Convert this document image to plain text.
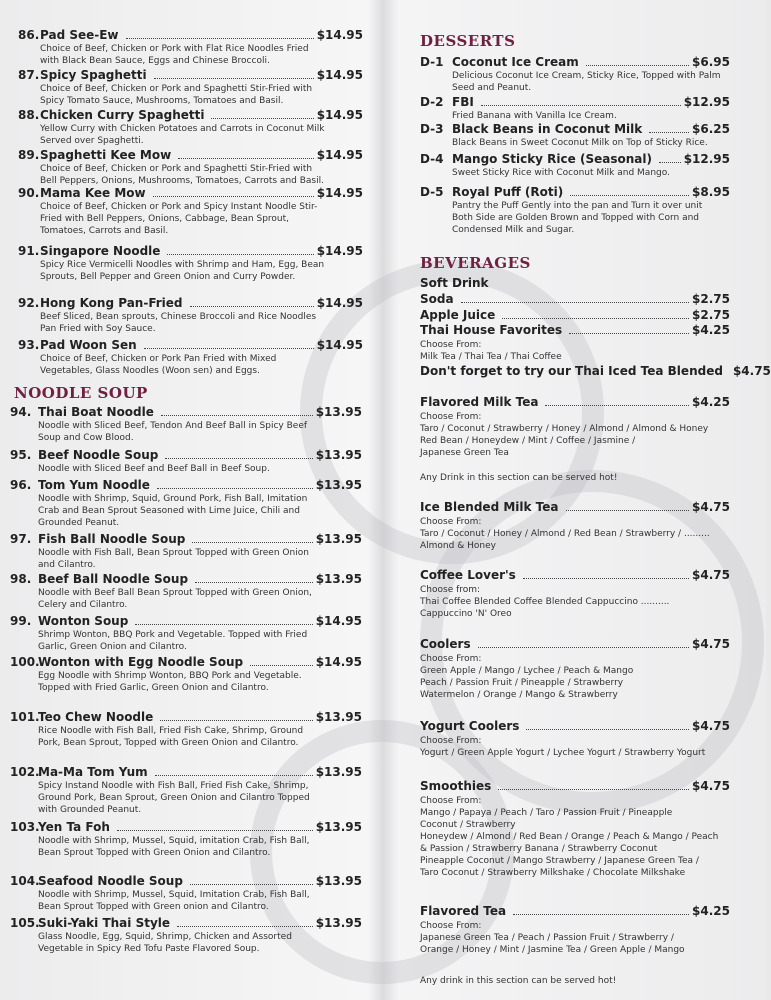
86. Pad See-Ew	$14.95
Choice of Beef, Chicken or Pork with Flat Rice Noodles Fried with Black Bean Sauce, Eggs and Chinese Broccoli.
87. Spicy Spaghetti	$14.95
Choice of Beef, Chicken or Pork and Spaghetti Stir-Fried with Spicy Tomato Sauce, Mushrooms, Tomatoes and Basil.
88. Chicken Curry Spaghetti	$14.95
Yellow Curry with Chicken Potatoes and Carrots in Coconut Milk Served over Spaghetti.
89. Spaghetti Kee Mow	$14.95
Choice of Beef, Chicken or Pork and Spaghetti Stir-Fried with Bell Peppers, Onions, Mushrooms, Tomatoes, Carrots and Basil.
90. Mama Kee Mow	$14.95
Choice of Beef, Chicken or Pork and Spicy Instant Noodle Stir-Fried with Bell Peppers, Onions, Cabbage, Bean Sprout, Tomatoes, Carrots and Basil.
91. Singapore Noodle	$14.95
Spicy Rice Vermicelli Noodles with Shrimp and Ham, Egg, Bean Sprouts, Bell Pepper and Green Onion and Curry Powder.
92. Hong Kong Pan-Fried	$14.95
Beef Sliced, Bean sprouts, Chinese Broccoli and Rice Noodles Pan Fried with Soy Sauce.
93. Pad Woon Sen	$14.95
Choice of Beef, Chicken or Pork Pan Fried with Mixed Vegetables, Glass Noodles (Woon sen) and Eggs.
NOODLE SOUP
94. Thai Boat Noodle	$13.95
Noodle with Sliced Beef, Tendon And Beef Ball in Spicy Beef Soup and Cow Blood.
95. Beef Noodle Soup	$13.95
Noodle with Sliced Beef and Beef Ball in Beef Soup.
96. Tom Yum Noodle	$13.95
Noodle with Shrimp, Squid, Ground Pork, Fish Ball, Imitation Crab and Bean Sprout Seasoned with Lime Juice, Chili and Grounded Peanut.
97. Fish Ball Noodle Soup	$13.95
Noodle with Fish Ball, Bean Sprout Topped with Green Onion and Cilantro.
98. Beef Ball Noodle Soup	$13.95
Noodle with Beef Ball Bean Sprout Topped with Green Onion, Celery and Cilantro.
99. Wonton Soup	$14.95
Shrimp Wonton, BBQ Pork and Vegetable. Topped with Fried Garlic, Green Onion and Cilantro.
100.
Wonton with Egg Noodle Soup	$14.95
Egg Noodle with Shrimp Wonton, BBQ Pork and Vegetable. Topped with Fried Garlic, Green Onion and Cilantro.
101.
Teo Chew Noodle	$13.95
Rice Noodle with Fish Ball, Fried Fish Cake, Shrimp, Ground Pork, Bean Sprout, Topped with Green Onion and Cilantro.
102.
Ma-Ma Tom Yum	$13.95
Spicy Instand Noodle with Fish Ball, Fried Fish Cake, Shrimp, Ground Pork, Bean Sprout, Green Onion and Cilantro Topped with Grounded Peanut.
103.
Yen Ta Foh	$13.95
Noodle with Shrimp, Mussel, Squid, imitation Crab, Fish Ball, Bean Sprout Topped with Green Onion and Cilantro.
104.
Seafood Noodle Soup	$13.95
Noodle with Shrimp, Mussel, Squid, Imitation Crab, Fish Ball, Bean Sprout Topped with Green onion and Cilantro.
105.
Suki-Yaki Thai Style	$13.95
Glass Noodle, Egg, Squid, Shrimp, Chicken and Assorted Vegetable in Spicy Red Tofu Paste Flavored Soup.
DESSERTS
D-1 Coconut Ice Cream	$6.95
Delicious Coconut Ice Cream, Sticky Rice, Topped with Palm Seed and Peanut.
D-2 FBI	$12.95
Fried Banana with Vanilla Ice Cream.
D-3 Black Beans in Coconut Milk	$6.25
Black Beans in Sweet Coconut Milk on Top of Sticky Rice.
D-4 Mango Sticky Rice (Seasonal)	$12.95
Sweet Sticky Rice with Coconut Milk and Mango.
D-5 Royal Puff (Roti)	$8.95
Pantry the Puff Gently into the pan and Turn it over unit Both Side are Golden Brown and Topped with Corn and Condensed Milk and Sugar.
BEVERAGES
Soft Drink
Soda	$2.75
Apple Juice	$2.75
Thai House Favorites	$4.25
Choose From:
Milk Tea / Thai Tea / Thai Coffee
Don't forget to try our Thai Iced Tea Blended $4.75
Flavored Milk Tea	$4.25
Choose From:
Taro / Coconut / Strawberry / Honey / Almond / Almond & Honey
Red Bean / Honeydew / Mint / Coffee / Jasmine /
Japanese Green Tea
Ice Blended Milk Tea	$4.75
Choose From:
Taro / Coconut / Honey / Almond / Red Bean / Strawberry / .........
Almond & Honey
Coffee Lover's	$4.75
Choose from:
Thai Coffee Blended Coffee Blended Cappuccino ..........
Cappuccino 'N' Oreo
Coolers	$4.75
Choose From:
Green Apple / Mango / Lychee / Peach & Mango
Peach / Passion Fruit / Pineapple / Strawberry
Watermelon / Orange / Mango & Strawberry
Yogurt Coolers	$4.75
Choose From:
Yogurt / Green Apple Yogurt / Lychee Yogurt / Strawberry Yogurt
Smoothies	$4.75
Choose From:
Mango / Papaya / Peach / Taro / Passion Fruit / Pineapple
Coconut / Strawberry
Honeydew / Almond / Red Bean / Orange / Peach & Mango / Peach
& Passion / Strawberry Banana / Strawberry Coconut
Pineapple Coconut / Mango Strawberry / Japanese Green Tea /
Taro Coconut / Strawberry Milkshake / Chocolate Milkshake
Flavored Tea	$4.25
Choose From:
Japanese Green Tea / Peach / Passion Fruit / Strawberry /
Orange / Honey / Mint / Jasmine Tea / Green Apple / Mango
Any Drink in this section can be served hot!
Any drink in this section can be served hot!
